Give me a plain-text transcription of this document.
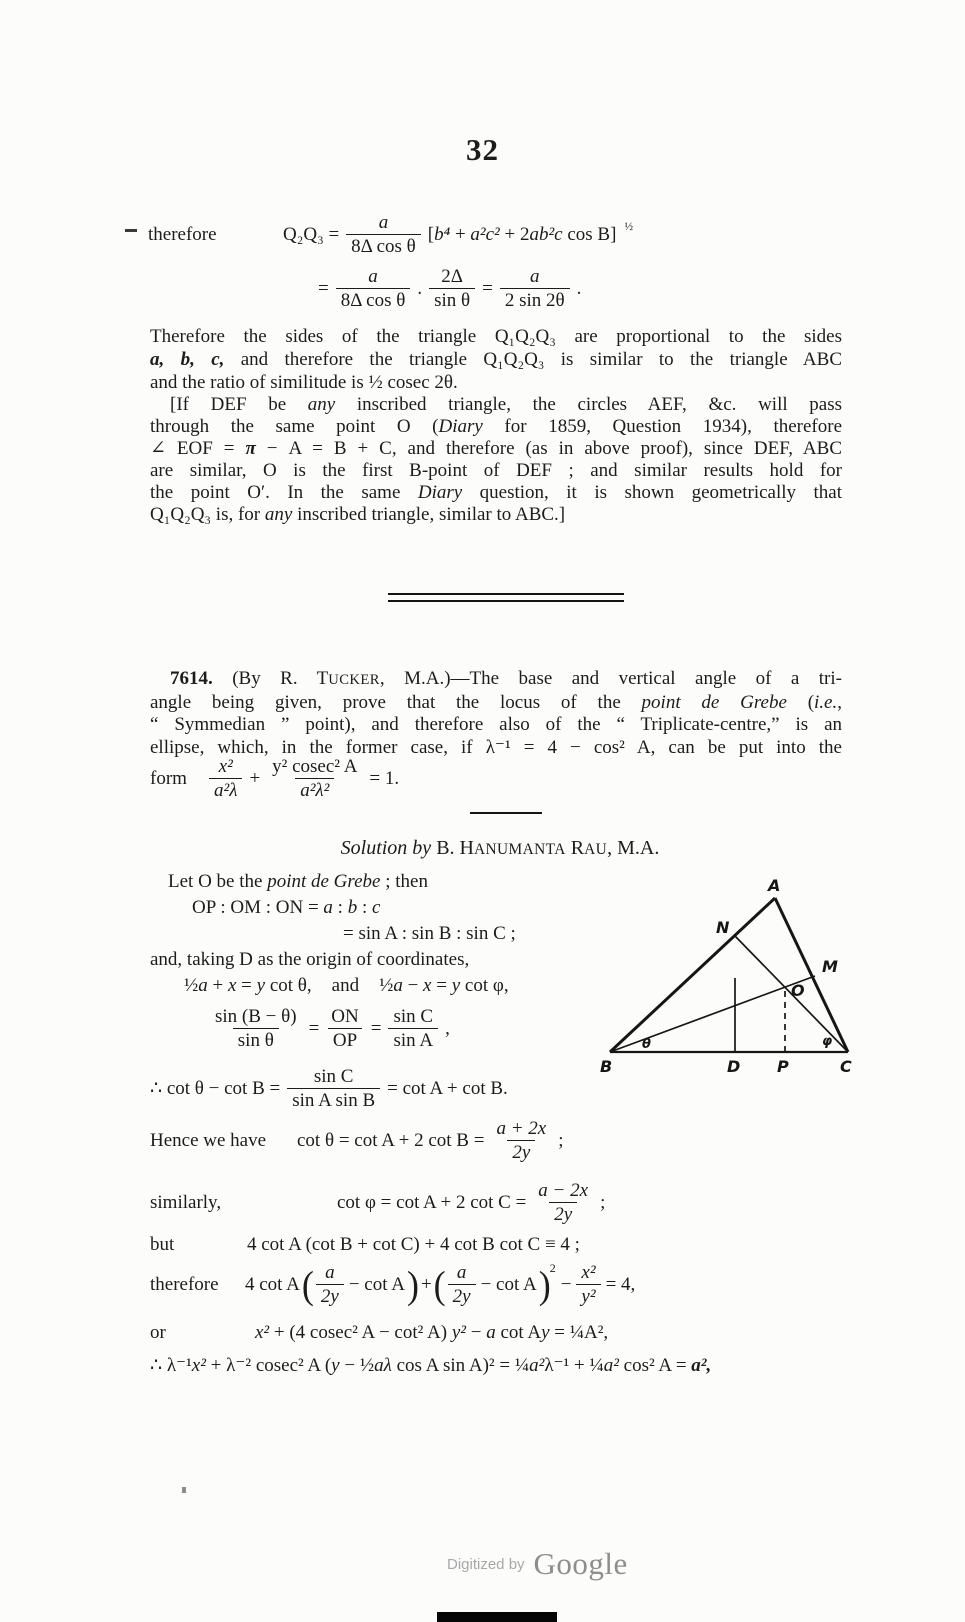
32
therefore	$Q_2Q_3 = \frac{a}{\text{8Δ cos θ}} [b^4 + a^2c^2 + 2ab^2c$ cos B] ½
= $\frac{a}{\text{8Δ cos θ}}$ . $\frac{2\Delta}{\text{sin θ}} = \frac{a}{2 \sin 2\theta}$ .
Therefore the sides of the triangle Q₁Q₂Q₃ are proportional to the sides
a, b, c, and therefore the triangle Q₁Q₂Q₃ is similar to the triangle ABC
and the ratio of similitude is ½ cosec 2θ.
[If DEF be any inscribed triangle, the circles AEF, &c. will pass
through the same point O (Diary for 1859, Question 1934), therefore
∠ EOF = π − A = B + C, and therefore (as in above proof), since DEF, ABC
are similar, O is the first B-point of DEF ; and similar results hold for
the point O′. In the same Diary question, it is shown geometrically that
Q₁Q₂Q₃ is, for any inscribed triangle, similar to ABC.]
7614. (By R. TUCKER, M.A.)—The base and vertical angle of a tri-
angle being given, prove that the locus of the point de Grebe (i.e.,
“ Symmedian ” point), and therefore also of the “ Triplicate-centre,” is an
ellipse, which, in the former case, if λ⁻¹ = 4 − cos² A, can be put into the
form	$\frac{\text{x²}}{\text{a²λ}} + \frac{\text{y² cosec² A}}{\text{a²λ²}} = 1$.
Solution by B. HANUMANTA RAU, M.A.
Let O be the point de Grebe ; then
OP : OM : ON = a : b : c
= sin A : sin B : sin C ;
and, taking D as the origin of coordinates,
½a + x = y cot θ, and ½a − x = y cot φ,
$\frac{\sin (B - \theta)}{\text{sin θ}} = \frac{ON}{OP} = \frac{\text{sin C}}{\text{sin A}}$ ,
∴ $\cot \theta - \cot B = \frac{\text{sin C}}{\text{sin A sin B}} = \cot A + \cot B$.
Hence we have	cot θ = cot A + 2 $\cot B = \frac{a + 2x}{2y}$ ;
similarly,	cot φ = cot A + 2 $\cot C = \frac{a - 2x}{2y}$ ;
but	4 cot A (cot B + cot C) + 4 cot B cot C ≡ 4 ;
therefore	4 cot A ( $\frac{a}{2y} - \cot A$ ) + ( $\frac{a}{2y} - \cot A$ ) 2
− $\frac{\text{x²}}{\text{y²}} = 4$,
or	x² + (4 cosec² A − cot² A) y² − a cot Ay = ¼A²,
∴ λ⁻¹x² + λ⁻² cosec² A (y − ½aλ cos A sin A)² = ¼a²λ⁻¹ + ¼a² cos² A = a²,
A
B	C
D P
N
M
O
θ	φ
Digitized by Google
